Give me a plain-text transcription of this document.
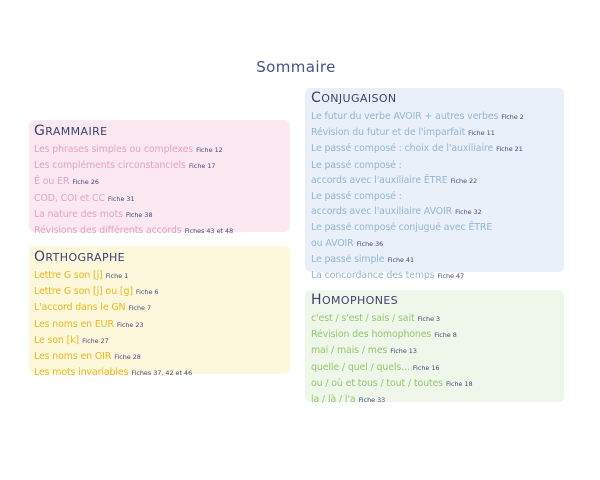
Sommaire
GRAMMAIRE
Les phrases simples ou complexes Fiche 12
Les compléments circonstanciels Fiche 17
É ou ER Fiche 26
COD, COI et CC Fiche 31
La nature des mots Fiche 38
Révisions des différents accords Fiches 43 et 48
ORTHOGRAPHE
Lettre G son [j] Fiche 1
Lettre G son [j] ou [g] Fiche 6
L'accord dans le GN Fiche 7
Les noms en EUR Fiche 23
Le son [k] Fiche 27
Les noms en OIR Fiche 28
Les mots invariables Fiches 37, 42 et 46
CONJUGAISON
Le futur du verbe AVOIR + autres verbes Fiche 2
Révision du futur et de l'imparfait Fiche 11
Le passé composé : choix de l'auxiliaire Fiche 21
Le passé composé :
accords avec l'auxiliaire ÊTRE Fiche 22
Le passé composé :
accords avec l'auxiliaire AVOIR Fiche 32
Le passé composé conjugué avec ÊTRE
ou AVOIR Fiche 36
Le passé simple Fiche 41
La concordance des temps Fiche 47
HOMOPHONES
c'est / s'est / sais / sait Fiche 3
Révision des homophones Fiche 8
mai / mais / mes Fiche 13
quelle / quel / quels... Fiche 16
ou / où et tous / tout / toutes Fiche 18
la / là / l'a Fiche 33
